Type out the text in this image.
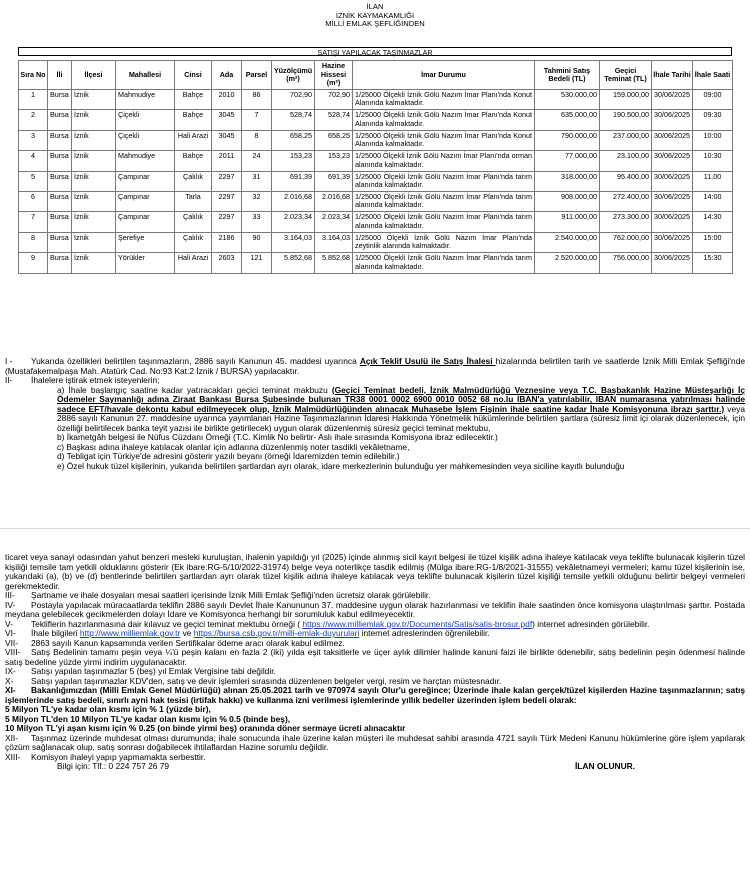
İLAN
İZNİK KAYMAKAMLIĞI
MİLLİ EMLAK ŞEFLİĞİNDEN
SATIŞI YAPILACAK TAŞINMAZLAR
Sıra No	İli	İlçesi	Mahallesi	Cinsi	Ada	Parsel	Yüzölçümü (m²)	Hazine Hissesi (m²)	İmar Durumu	Tahmini Satış Bedeli (TL)	Geçici Teminat (TL)	İhale Tarihi	İhale Saati
1	Bursa	İznik	Mahmudiye	Bahçe	2010	86	702,90	702,90	1/25000 Ölçekli İznik Gölü Nazım İmar Planı'nda Konut Alanında kalmaktadır.	530.000,00	159.000,00	30/06/2025	09:00
2	Bursa	İznik	Çiçekli	Bahçe	3045	7	528,74	528,74	1/25000 Ölçekli İznik Gölü Nazım İmar Planı'nda Konut Alanında kalmaktadır.	635.000,00	190.500,00	30/06/2025	09:30
3	Bursa	İznik	Çiçekli	Hali Arazi	3045	8	658,25	658,25	1/25000 Ölçekli İznik Gölü Nazım İmar Planı'nda Konut Alanında kalmaktadır.	790.000,00	237.000,00	30/06/2025	10:00
4	Bursa	İznik	Mahmudiye	Bahçe	2011	24	153,23	153,23	1/25000 Ölçekli İznik Gölü Nazım İmar Planı'nda orman alanında kalmaktadır.	77.000,00	23.100,00	30/06/2025	10:30
5	Bursa	İznik	Çampınar	Çalılık	2297	31	691,39	691,39	1/25000 Ölçekli İznik Gölü Nazım İmar Planı'nda tarım alanında kalmaktadır.	318.000,00	95.400,00	30/06/2025	11.00
6	Bursa	İznik	Çampınar	Tarla	2297	32	2.016,68	2.016,68	1/25000 Ölçekli İznik Gölü Nazım İmar Planı'nda tarım alanında kalmaktadır.	908.000,00	272.400,00	30/06/2025	14:00
7	Bursa	İznik	Çampınar	Çalılık	2297	33	2.023,34	2.023,34	1/25000 Ölçekli İznik Gölü Nazım İmar Planı'nda tarım alanında kalmaktadır.	911.000,00	273.300,00	30/06/2025	14:30
8	Bursa	İznik	Şerefiye	Çalılık	2186	90	3.164,03	3.164,03	1/25000 Ölçekli İznik Gölü Nazım İmar Planı'nda zeytinlik alanında kalmaktadır.	2.540.000,00	762.000,00	30/06/2025	15:00
9	Bursa	İznik	Yörükler	Hali Arazi	2603	121	5.852,68	5.852,68	1/25000 Ölçekli İznik Gölü Nazım İmar Planı'nda tarım alanında kalmaktadır.	2.520.000,00	756.000,00	30/06/2025	15:30

I - Yukarıda özellikleri belirtilen taşınmazların, 2886 sayılı Kanunun 45. maddesi uyarınca Açık Teklif Usulü ile Satış İhalesi hizalarında belirtilen tarih ve saatlerde İznik Milli Emlak Şefliği'nde (Mustafakemalpaşa Mah. Atatürk Cad. No:93 Kat:2 İznik / BURSA) yapılacaktır.

II- İhalelere iştirak etmek isteyenlerin;

a) İhale başlangıç saatine kadar yatıracakları geçici teminat makbuzu (Geçici Teminat bedeli, İznik Malmüdürlüğü Veznesine veya T.C. Başbakanlık Hazine Müsteşarlığı İç Ödemeler Saymanlığı adına Ziraat Bankası Bursa Şubesinde bulunan TR38 0001 0002 6900 0010 0052 68 no.lu IBAN'a yatırılabilir, IBAN numarasına yatırılması halinde sadece EFT/havale dekontu kabul edilmeyecek olup, İznik Malmüdürlüğünden alınacak Muhasebe İşlem Fişinin ihale saatine kadar İhale Komisyonuna ibrazı şarttır.) veya 2886 sayılı Kanunun 27. maddesine uyarınca yayımlanan Hazine Taşınmazlarının İdaresi Hakkında Yönetmelik hükümlerinde belirtilen şartlara (süresiz limit içi olarak düzenlenecek, için özelliği belirtilecek banka teyit yazısı ile birlikte getirilecek) uygun olarak düzenlenmiş süresiz geçici teminat mektubu,

b) İkametgâh belgesi ile Nüfus Cüzdanı Örneği (T.C. Kimlik No belirtir- Aslı ihale sırasında Komisyona ibraz edilecektir.)

c) Başkası adına ihaleye katılacak olanlar için adlarına düzenlenmiş noter tasdikli vekâletname,

d) Tebligat için Türkiye'de adresini gösterir yazılı beyanı (örneği İdaremizden temin edilebilir.)

e) Özel hukuk tüzel kişilerinin, yukarıda belirtilen şartlardan ayrı olarak, idare merkezlerinin bulunduğu yer mahkemesinden veya siciline kayıtlı bulunduğu

ticaret veya sanayi odasından yahut benzeri mesleki kuruluştan, ihalenin yapıldığı yıl (2025) içinde alınmış sicil kayıt belgesi ile tüzel kişilik adına ihaleye katılacak veya teklifte bulunacak kişilerin tüzel kişiliği temsile tam yetkili olduklarını gösterir (Ek ibare:RG-5/10/2022-31974) belge veya noterlikçe tasdik edilmiş (Mülga ibare:RG-1/8/2021-31555) vekâletnameyi vermeleri; kamu tüzel kişilerinin ise, yukarıdaki (a), (b) ve (d) bentlerinde belirtilen şartlardan ayrı olarak tüzel kişilik adına ihaleye katılacak veya teklifte bulunacak kişilerin tüzel kişiliği temsile yetkili olduğunu belirtir belgeyi vermeleri gerekmektedir.

III- Şartname ve ihale dosyaları mesai saatleri içerisinde İznik Milli Emlak Şefliği'nden ücretsiz olarak görülebilir.

IV- Postayla yapılacak müracaatlarda teklifin 2886 sayılı Devlet İhale Kanununun 37. maddesine uygun olarak hazırlanması ve teklifin ihale saatinden önce komisyona ulaştırılması şarttır. Postada meydana gelebilecek gecikmelerden dolayı İdare ve Komisyonca herhangi bir sorumluluk kabul edilmeyecektir.

V- Tekliflerin hazırlanmasına dair kılavuz ve geçici teminat mektubu örneği ( https://www.milliemlak.gov.tr/Documents/Satis/satis-brosur.pdf) internet adresinden görülebilir.

VI- İhale bilgileri http://www.milliemlak.gov.tr ve https://bursa.csb.gov.tr/milli-emlak-duyurulari internet adreslerinden öğrenilebilir.

VII- 2863 sayılı Kanun kapsamında verilen Sertifikalar ödeme aracı olarak kabul edilmez.

VIII- Satış Bedelinin tamamı peşin veya ¼'ü peşin kalanı en fazla 2 (iki) yılda eşit taksitlerle ve üçer aylık dilimler halinde kanuni faizi ile birlikte ödenebilir, satış bedelinin peşin ödenmesi halinde satış bedeline yüzde yirmi indirim uygulanacaktır.

IX- Satışı yapılan taşınmazlar 5 (beş) yıl Emlak Vergisine tabi değildir.

X- Satışı yapılan taşınmazlar KDV'den, satış ve devir işlemleri sırasında düzenlenen belgeler vergi, resim ve harçtan müstesnadır.

XI- Bakanlığımızdan (Milli Emlak Genel Müdürlüğü) alınan 25.05.2021 tarih ve 970974 sayılı Olur'u gereğince; Üzerinde ihale kalan gerçek/tüzel kişilerden Hazine taşınmazlarının; satış işlemlerinde satış bedeli, sınırlı ayni hak tesisi (irtifak hakkı) ve kullanma izni verilmesi işlemlerinde yıllık bedeller üzerinden işlem bedeli olarak:

5 Milyon TL'ye kadar olan kısmı için % 1 (yüzde bir),

5 Milyon TL'den 10 Milyon TL'ye kadar olan kısmı için % 0.5 (binde beş),

10 Milyon TL'yi aşan kısmı için % 0.25 (on binde yirmi beş) oranında döner sermaye ücreti alınacaktır

XII- Taşınmaz üzerinde muhdesat olması durumunda; ihale sonucunda ihale üzerine kalan müşteri ile muhdesat sahibi arasında 4721 sayılı Türk Medeni Kanunu hükümlerine göre işlem yapılarak çözüm sağlanacak olup, satış sonrası doğabilecek ihtilaflardan Hazine sorumlu değildir.

XIII- Komisyon ihaleyi yapıp yapmamakta serbesttir.

Bilgi için: Tlf.: 0 224 757 26 79	İLAN OLUNUR.
